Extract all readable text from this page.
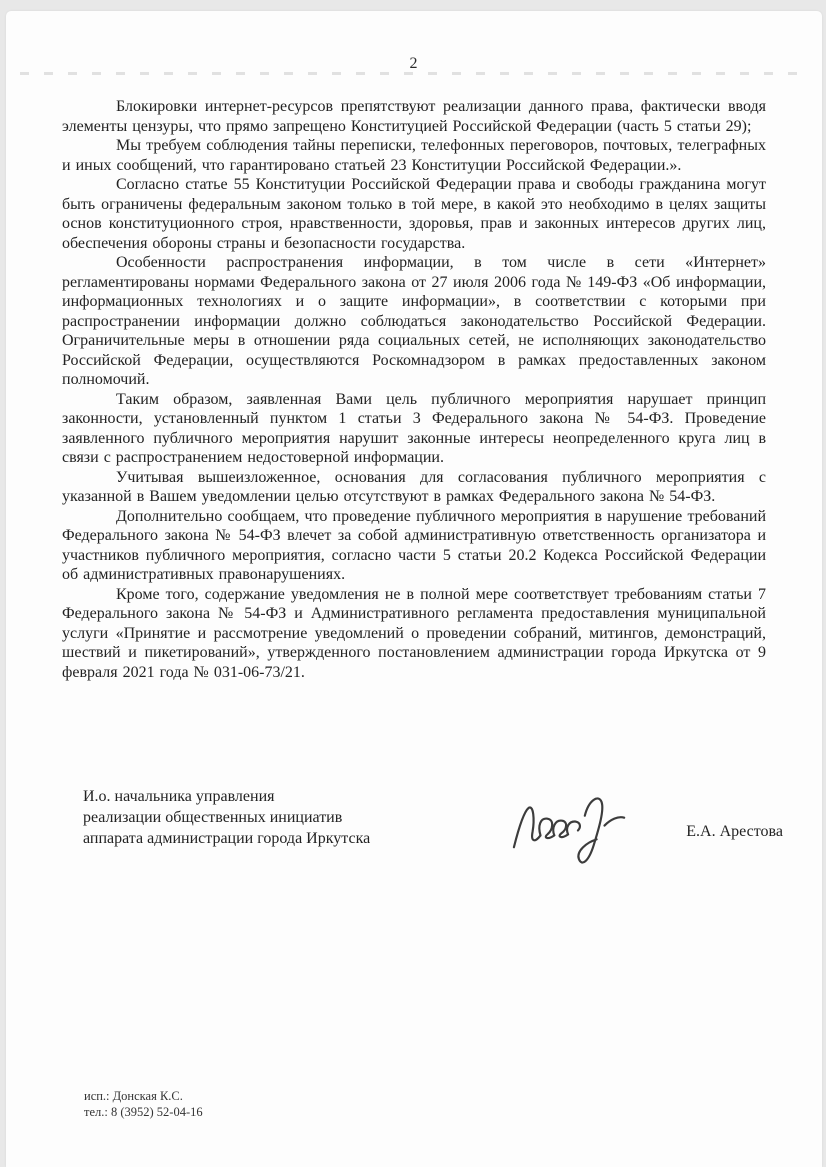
2

Блокировки интернет-ресурсов препятствуют реализации данного права, фактически вводя элементы цензуры, что прямо запрещено Конституцией Российской Федерации (часть 5 статьи 29);

Мы требуем соблюдения тайны переписки, телефонных переговоров, почтовых, телеграфных и иных сообщений, что гарантировано статьей 23 Конституции Российской Федерации.».

Согласно статье 55 Конституции Российской Федерации права и свободы гражданина могут быть ограничены федеральным законом только в той мере, в какой это необходимо в целях защиты основ конституционного строя, нравственности, здоровья, прав и законных интересов других лиц, обеспечения обороны страны и безопасности государства.

Особенности распространения информации, в том числе в сети «Интернет» регламентированы нормами Федерального закона от 27 июля 2006 года № 149-ФЗ «Об информации, информационных технологиях и о защите информации», в соответствии с которыми при распространении информации должно соблюдаться законодательство Российской Федерации. Ограничительные меры в отношении ряда социальных сетей, не исполняющих законодательство Российской Федерации, осуществляются Роскомнадзором в рамках предоставленных законом полномочий.

Таким образом, заявленная Вами цель публичного мероприятия нарушает принцип законности, установленный пунктом 1 статьи 3 Федерального закона № 54-ФЗ. Проведение заявленного публичного мероприятия нарушит законные интересы неопределенного круга лиц в связи с распространением недостоверной информации.

Учитывая вышеизложенное, основания для согласования публичного мероприятия с указанной в Вашем уведомлении целью отсутствуют в рамках Федерального закона № 54-ФЗ.

Дополнительно сообщаем, что проведение публичного мероприятия в нарушение требований Федерального закона № 54-ФЗ влечет за собой административную ответственность организатора и участников публичного мероприятия, согласно части 5 статьи 20.2 Кодекса Российской Федерации об административных правонарушениях.

Кроме того, содержание уведомления не в полной мере соответствует требованиям статьи 7 Федерального закона № 54-ФЗ и Административного регламента предоставления муниципальной услуги «Принятие и рассмотрение уведомлений о проведении собраний, митингов, демонстраций, шествий и пикетирований», утвержденного постановлением администрации города Иркутска от 9 февраля 2021 года № 031-06-73/21.

И.о. начальника управления
реализации общественных инициатив
аппарата администрации города Иркутска	Е.А. Арестова
исп.: Донская К.С.
тел.: 8 (3952) 52-04-16
